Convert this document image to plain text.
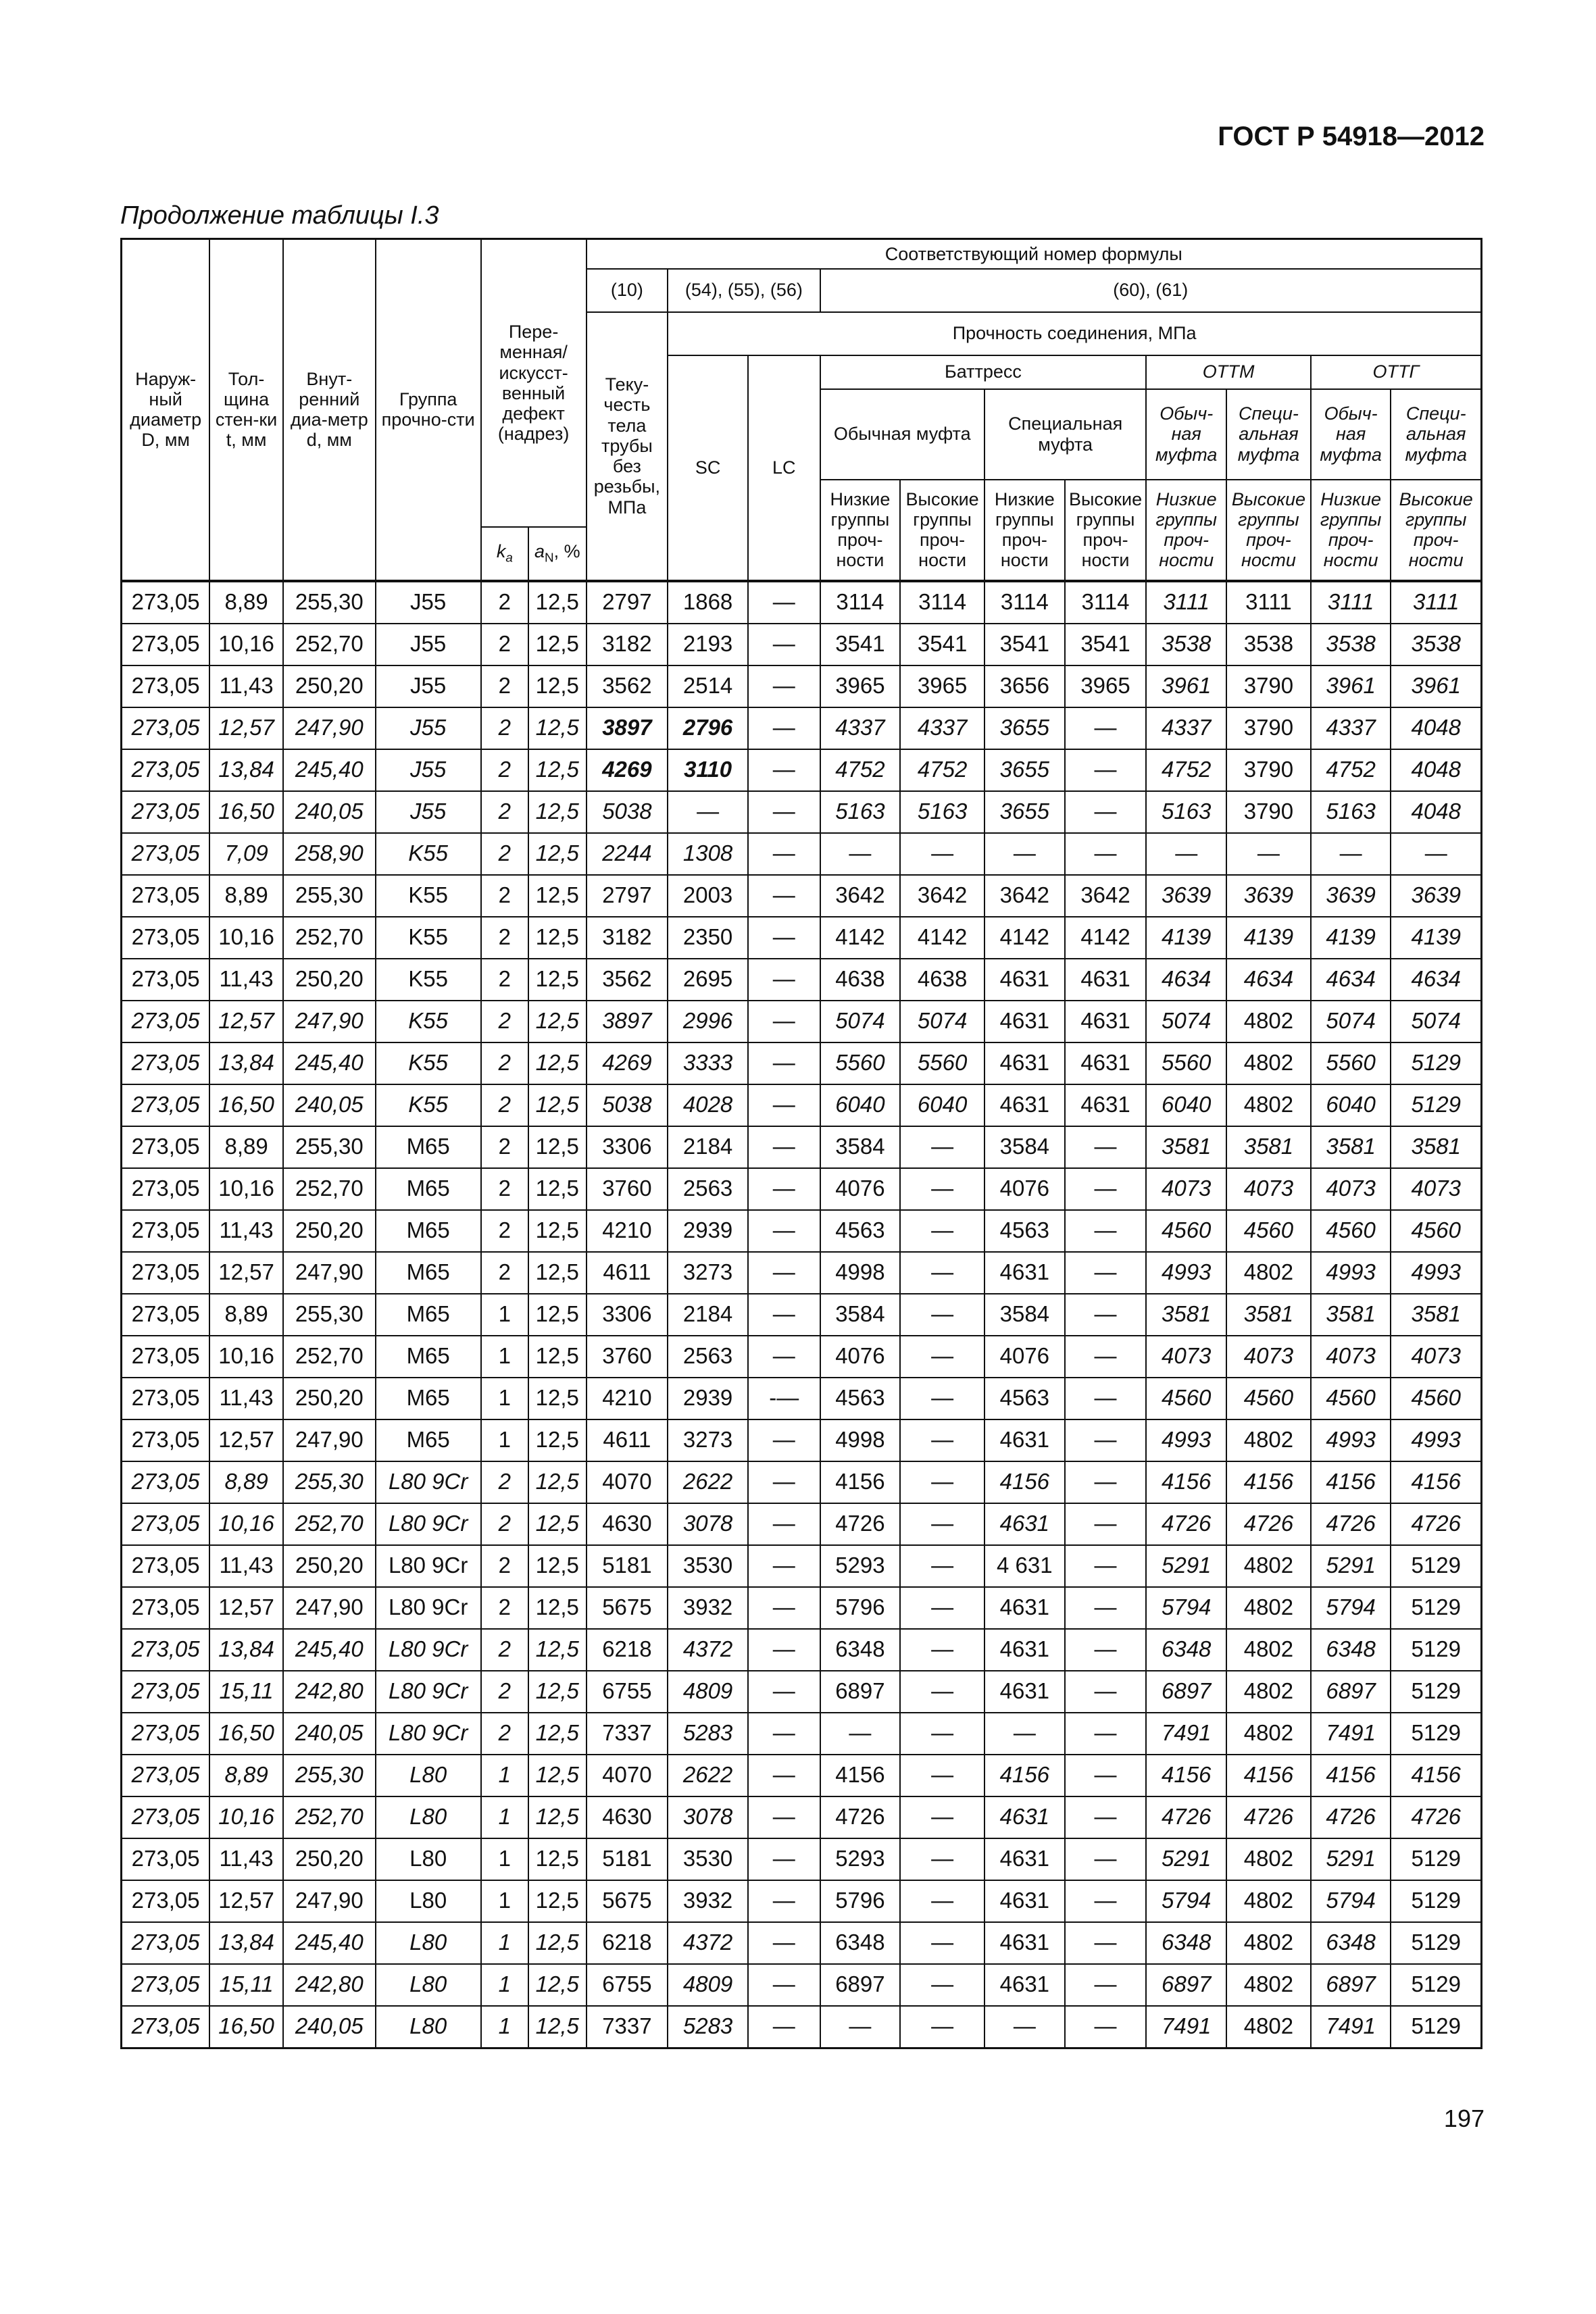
ГОСТ Р 54918—2012
Продолжение таблицы I.3
Наруж-ный диаметр D, мм	Тол-щина стен-ки t, мм	Внут-ренний диа-метр d, мм	Группа прочно-сти	Пере-менная/ искусст-венный дефект (надрез)		Соответствующий номер формулы										
						(10)	(54), (55), (56)		(60), (61)							
						Теку-честь тела трубы без резьбы, МПа	Прочность соединения, МПа									
							SC	LC	Баттресс				ОТТМ		ОТТГ	
									Обычная муфта		Специальная муфта		Обыч-ная муфта	Специ-альная муфта	Обыч-ная муфта	Специ-альная муфта
									Низкие группы проч-ности	Высокие группы проч-ности	Низкие группы проч-ности	Высокие группы проч-ности	Низкие группы проч-ности	Высокие группы проч-ности	Низкие группы проч-ности	Высокие группы проч-ности
				$k_a$	$a_N$, %											
273,05	8,89	255,30	J55	2	12,5	2797	1868	—	3114	3114	3114	3114	3111	3111	3111	3111
273,05	10,16	252,70	J55	2	12,5	3182	2193	—	3541	3541	3541	3541	3538	3538	3538	3538
273,05	11,43	250,20	J55	2	12,5	3562	2514	—	3965	3965	3656	3965	3961	3790	3961	3961
273,05	12,57	247,90	J55	2	12,5	3897	2796	—	4337	4337	3655	—	4337	3790	4337	4048
273,05	13,84	245,40	J55	2	12,5	4269	3110	—	4752	4752	3655	—	4752	3790	4752	4048
273,05	16,50	240,05	J55	2	12,5	5038	—	—	5163	5163	3655	—	5163	3790	5163	4048
273,05	7,09	258,90	K55	2	12,5	2244	1308	—	—	—	—	—	—	—	—	—
273,05	8,89	255,30	K55	2	12,5	2797	2003	—	3642	3642	3642	3642	3639	3639	3639	3639
273,05	10,16	252,70	K55	2	12,5	3182	2350	—	4142	4142	4142	4142	4139	4139	4139	4139
273,05	11,43	250,20	K55	2	12,5	3562	2695	—	4638	4638	4631	4631	4634	4634	4634	4634
273,05	12,57	247,90	K55	2	12,5	3897	2996	—	5074	5074	4631	4631	5074	4802	5074	5074
273,05	13,84	245,40	K55	2	12,5	4269	3333	—	5560	5560	4631	4631	5560	4802	5560	5129
273,05	16,50	240,05	K55	2	12,5	5038	4028	—	6040	6040	4631	4631	6040	4802	6040	5129
273,05	8,89	255,30	M65	2	12,5	3306	2184	—	3584	—	3584	—	3581	3581	3581	3581
273,05	10,16	252,70	M65	2	12,5	3760	2563	—	4076	—	4076	—	4073	4073	4073	4073
273,05	11,43	250,20	M65	2	12,5	4210	2939	—	4563	—	4563	—	4560	4560	4560	4560
273,05	12,57	247,90	M65	2	12,5	4611	3273	—	4998	—	4631	—	4993	4802	4993	4993
273,05	8,89	255,30	M65	1	12,5	3306	2184	—	3584	—	3584	—	3581	3581	3581	3581
273,05	10,16	252,70	M65	1	12,5	3760	2563	—	4076	—	4076	—	4073	4073	4073	4073
273,05	11,43	250,20	M65	1	12,5	4210	2939	-—	4563	—	4563	—	4560	4560	4560	4560
273,05	12,57	247,90	M65	1	12,5	4611	3273	—	4998	—	4631	—	4993	4802	4993	4993
273,05	8,89	255,30	L80 9Cr	2	12,5	4070	2622	—	4156	—	4156	—	4156	4156	4156	4156
273,05	10,16	252,70	L80 9Cr	2	12,5	4630	3078	—	4726	—	4631	—	4726	4726	4726	4726
273,05	11,43	250,20	L80 9Cr	2	12,5	5181	3530	—	5293	—	4 631	—	5291	4802	5291	5129
273,05	12,57	247,90	L80 9Cr	2	12,5	5675	3932	—	5796	—	4631	—	5794	4802	5794	5129
273,05	13,84	245,40	L80 9Cr	2	12,5	6218	4372	—	6348	—	4631	—	6348	4802	6348	5129
273,05	15,11	242,80	L80 9Cr	2	12,5	6755	4809	—	6897	—	4631	—	6897	4802	6897	5129
273,05	16,50	240,05	L80 9Cr	2	12,5	7337	5283	—	—	—	—	—	7491	4802	7491	5129
273,05	8,89	255,30	L80	1	12,5	4070	2622	—	4156	—	4156	—	4156	4156	4156	4156
273,05	10,16	252,70	L80	1	12,5	4630	3078	—	4726	—	4631	—	4726	4726	4726	4726
273,05	11,43	250,20	L80	1	12,5	5181	3530	—	5293	—	4631	—	5291	4802	5291	5129
273,05	12,57	247,90	L80	1	12,5	5675	3932	—	5796	—	4631	—	5794	4802	5794	5129
273,05	13,84	245,40	L80	1	12,5	6218	4372	—	6348	—	4631	—	6348	4802	6348	5129
273,05	15,11	242,80	L80	1	12,5	6755	4809	—	6897	—	4631	—	6897	4802	6897	5129
273,05	16,50	240,05	L80	1	12,5	7337	5283	—	—	—	—	—	7491	4802	7491	5129
197
